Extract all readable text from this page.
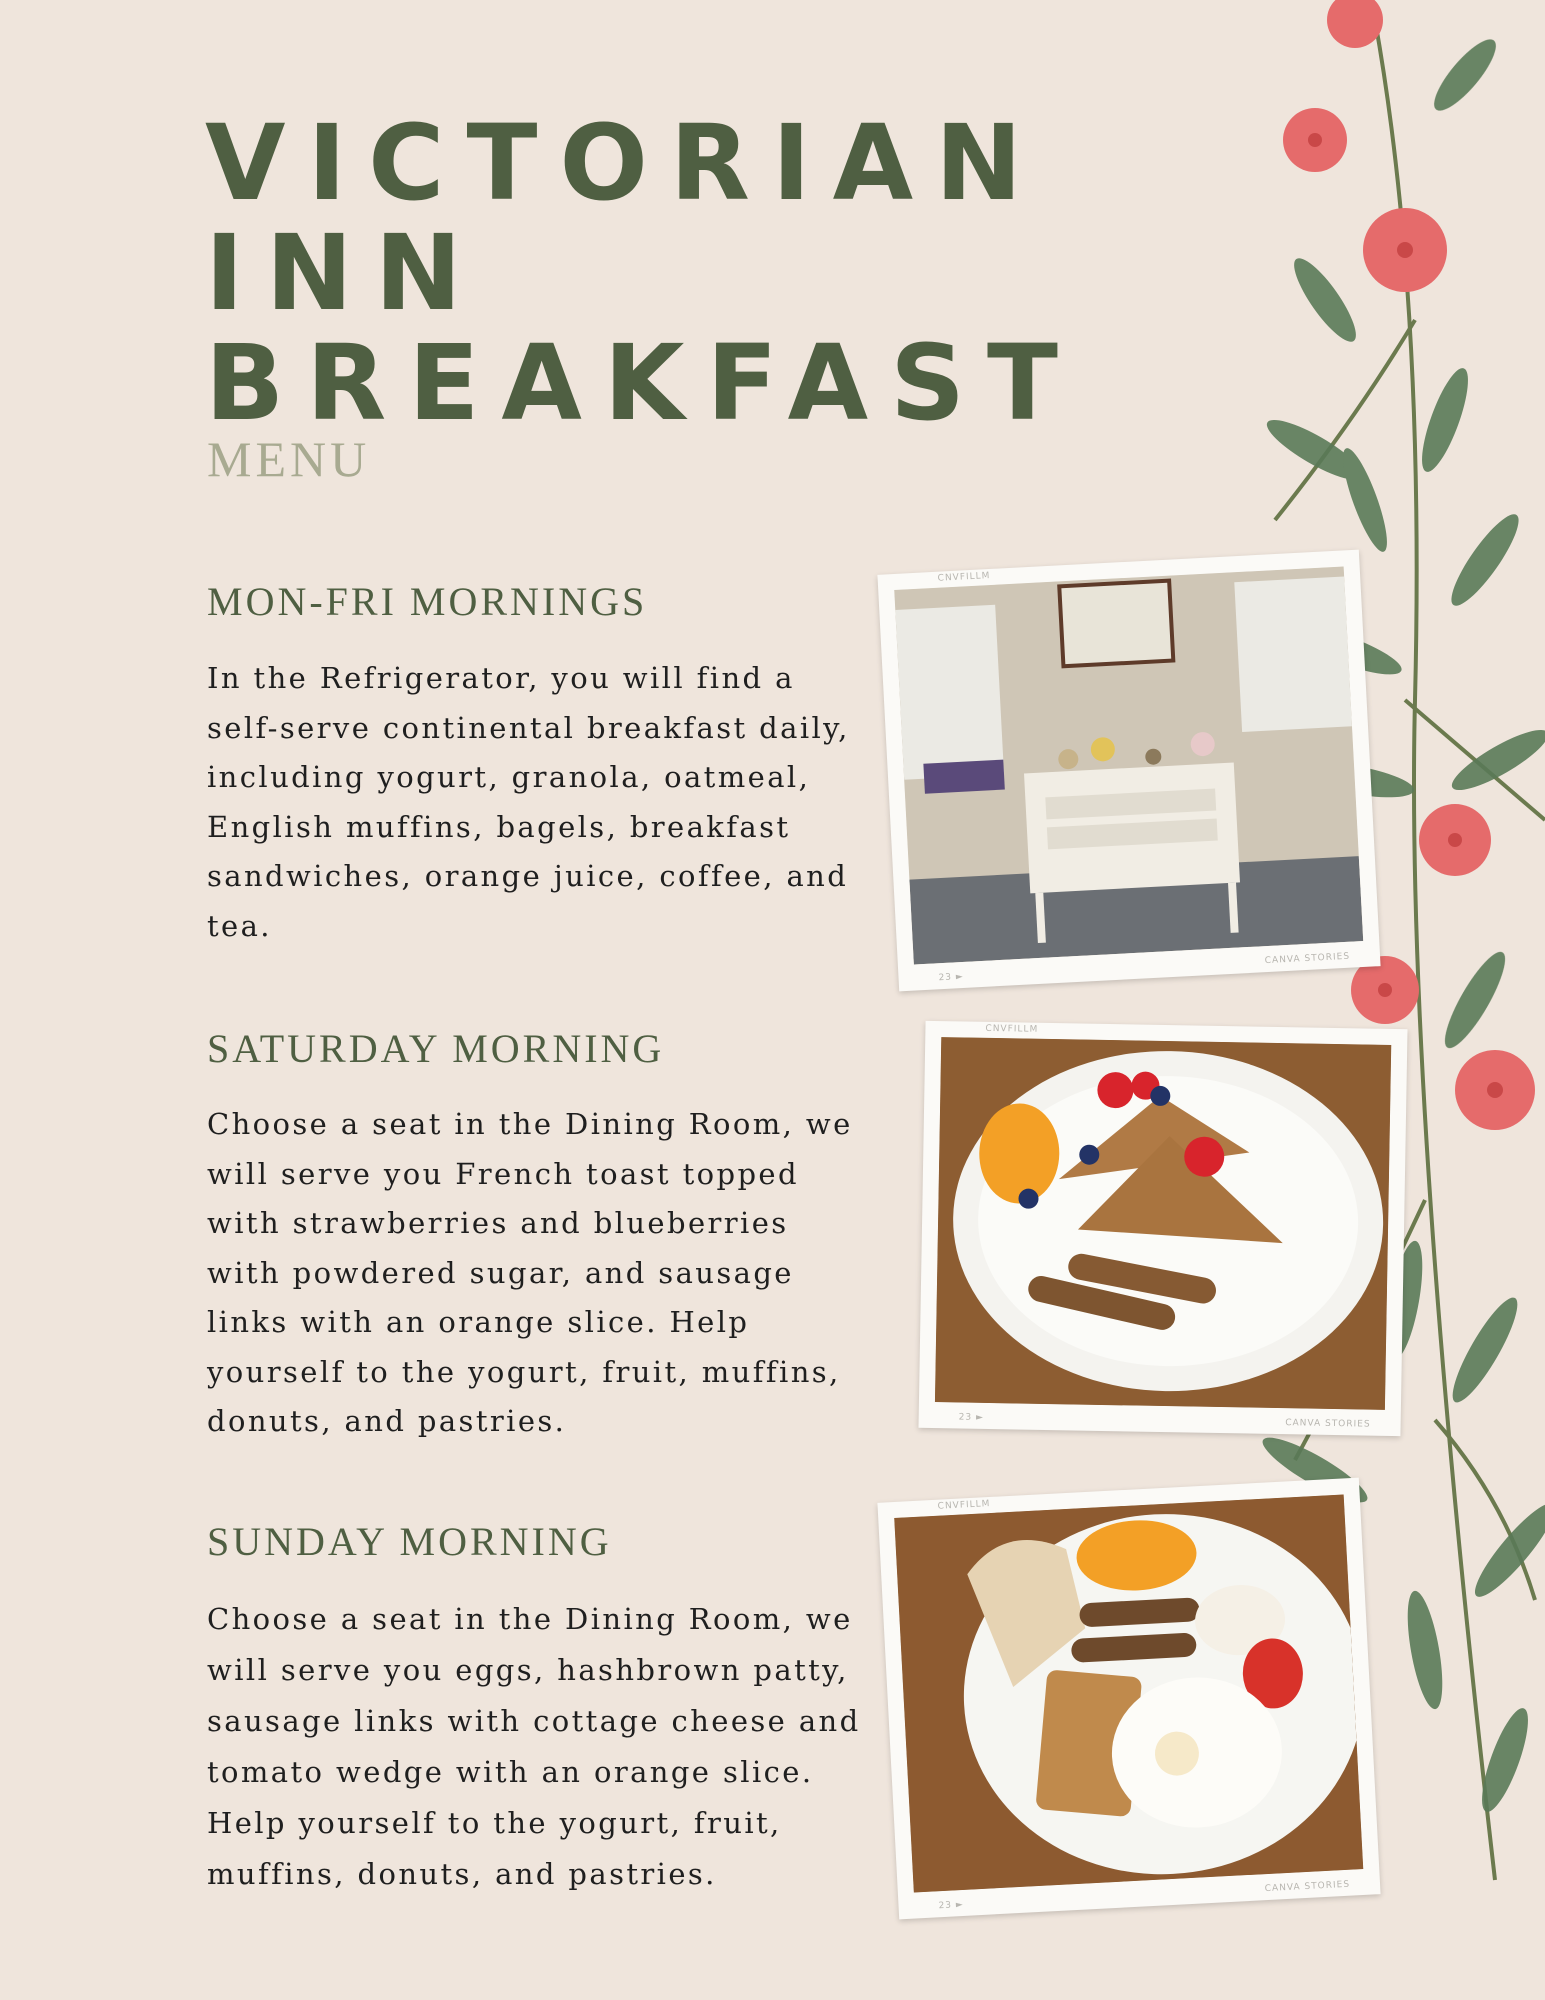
VICTORIAN INN
BREAKFAST
MENU
MON-FRI MORNINGS

In the Refrigerator, you will find a
self-serve continental breakfast daily,
including yogurt, granola, oatmeal,
English muffins, bagels, breakfast
sandwiches, orange juice, coffee, and
tea.

SATURDAY MORNING

Choose a seat in the Dining Room, we
will serve you French toast topped
with strawberries and blueberries
with powdered sugar, and sausage
links with an orange slice. Help
yourself to the yogurt, fruit, muffins,
donuts, and pastries.

SUNDAY MORNING

Choose a seat in the Dining Room, we
will serve you eggs, hashbrown patty,
sausage links with cottage cheese and
tomato wedge with an orange slice.
Help yourself to the yogurt, fruit,
muffins, donuts, and pastries.

CNVFILLM
CANVA STORIES
23 ►
CNVFILLM
CANVA STORIES
23 ►
CNVFILLM
CANVA STORIES
23 ►
